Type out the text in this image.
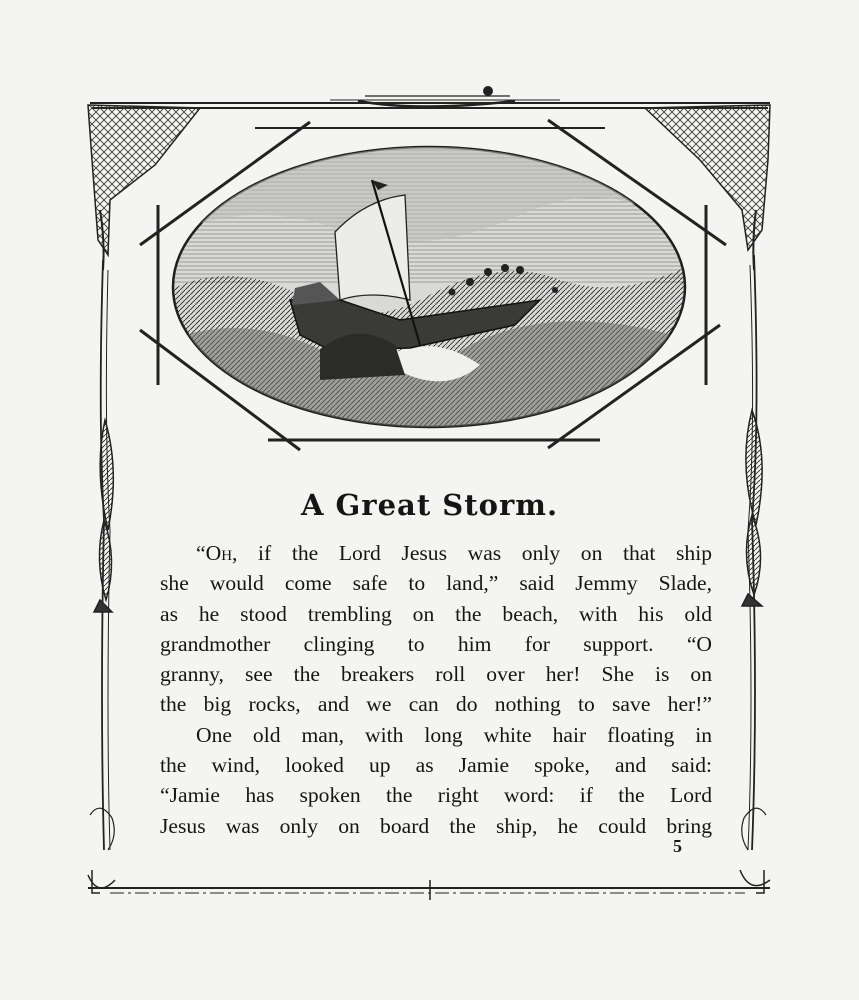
A Great Storm.
“Oh, if the Lord Jesus was only on that ship
she would come safe to land,” said Jemmy Slade,
as he stood trembling on the beach, with his old
grandmother clinging to him for support. “O
granny, see the breakers roll over her! She is on
the big rocks, and we can do nothing to save her!”
One old man, with long white hair floating in
the wind, looked up as Jamie spoke, and said:
“Jamie has spoken the right word: if the Lord
Jesus was only on board the ship, he could bring
5
